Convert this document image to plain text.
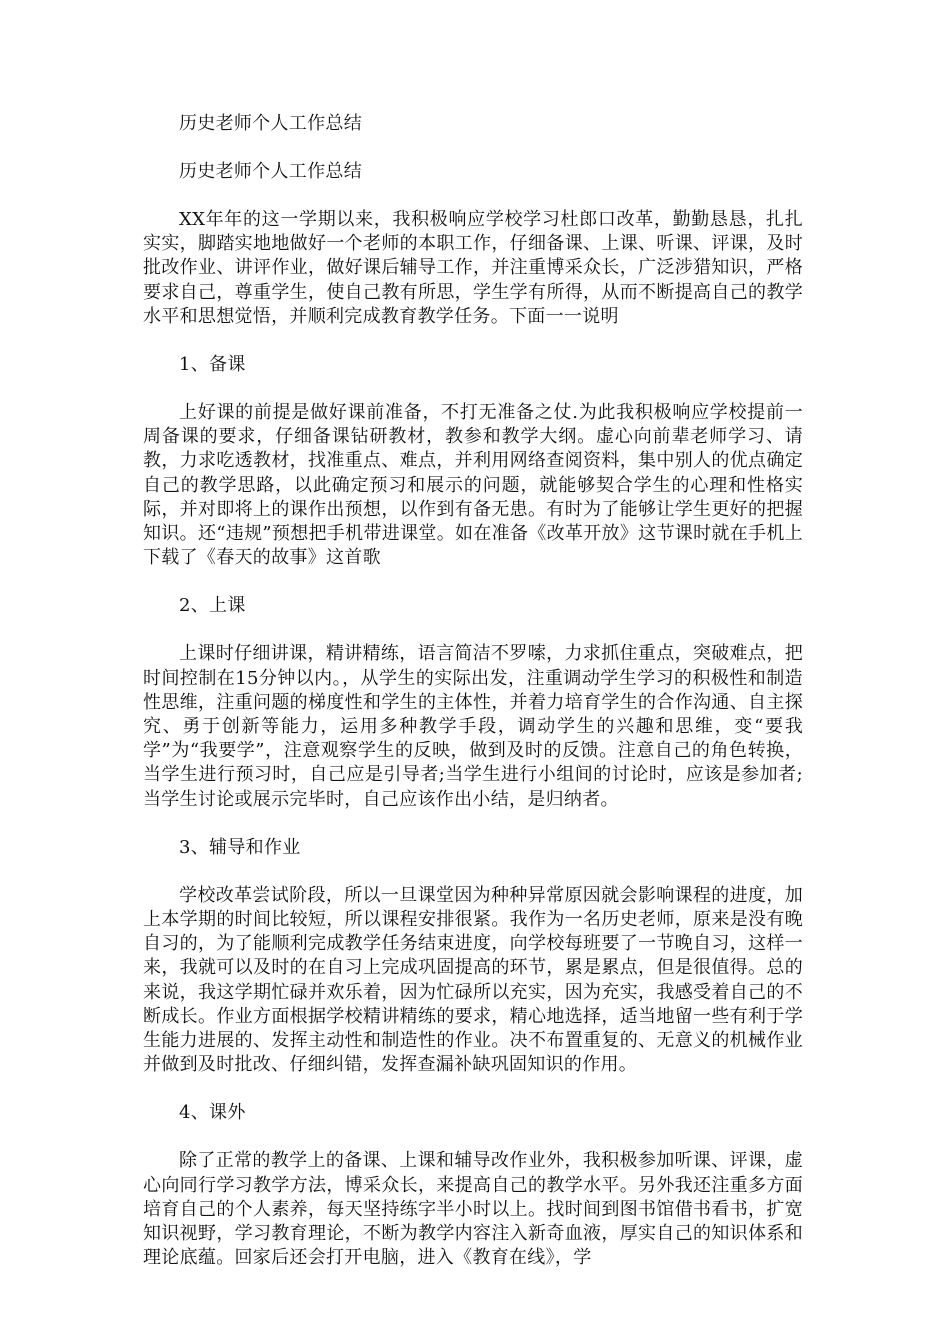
历史老师个人工作总结

历史老师个人工作总结

XX年年的这一学期以来，我积极响应学校学习杜郎口改革，勤勤恳恳，扎扎实实，脚踏实地地做好一个老师的本职工作，仔细备课、上课、听课、评课，及时批改作业、讲评作业，做好课后辅导工作，并注重博采众长，广泛涉猎知识，严格要求自己，尊重学生，使自己教有所思，学生学有所得，从而不断提高自己的教学水平和思想觉悟，并顺利完成教育教学任务。下面一一说明

1、备课

上好课的前提是做好课前准备，不打无准备之仗.为此我积极响应学校提前一周备课的要求，仔细备课钻研教材，教参和教学大纲。虚心向前辈老师学习、请教，力求吃透教材，找准重点、难点，并利用网络查阅资料，集中别人的优点确定自己的教学思路，以此确定预习和展示的问题，就能够契合学生的心理和性格实际，并对即将上的课作出预想，以作到有备无患。有时为了能够让学生更好的把握知识。还“违规”预想把手机带进课堂。如在准备《改革开放》这节课时就在手机上下载了《春天的故事》这首歌

2、上课

上课时仔细讲课，精讲精练，语言简洁不罗嗦，力求抓住重点，突破难点，把时间控制在15分钟以内。，从学生的实际出发，注重调动学生学习的积极性和制造性思维，注重问题的梯度性和学生的主体性，并着力培育学生的合作沟通、自主探究、勇于创新等能力，运用多种教学手段，调动学生的兴趣和思维，变“要我学”为“我要学”，注意观察学生的反映，做到及时的反馈。注意自己的角色转换，当学生进行预习时，自己应是引导者;当学生进行小组间的讨论时，应该是参加者;当学生讨论或展示完毕时，自己应该作出小结，是归纳者。

3、辅导和作业

学校改革尝试阶段，所以一旦课堂因为种种异常原因就会影响课程的进度，加上本学期的时间比较短，所以课程安排很紧。我作为一名历史老师，原来是没有晚自习的，为了能顺利完成教学任务结束进度，向学校每班要了一节晚自习，这样一来，我就可以及时的在自习上完成巩固提高的环节，累是累点，但是很值得。总的来说，我这学期忙碌并欢乐着，因为忙碌所以充实，因为充实，我感受着自己的不断成长。作业方面根据学校精讲精练的要求，精心地选择，适当地留一些有利于学生能力进展的、发挥主动性和制造性的作业。决不布置重复的、无意义的机械作业并做到及时批改、仔细纠错，发挥查漏补缺巩固知识的作用。

4、课外

除了正常的教学上的备课、上课和辅导改作业外，我积极参加听课、评课，虚心向同行学习教学方法，博采众长，来提高自己的教学水平。另外我还注重多方面培育自己的个人素养，每天坚持练字半小时以上。找时间到图书馆借书看书，扩宽知识视野，学习教育理论，不断为教学内容注入新奇血液，厚实自己的知识体系和理论底蕴。回家后还会打开电脑，进入《教育在线》，学
